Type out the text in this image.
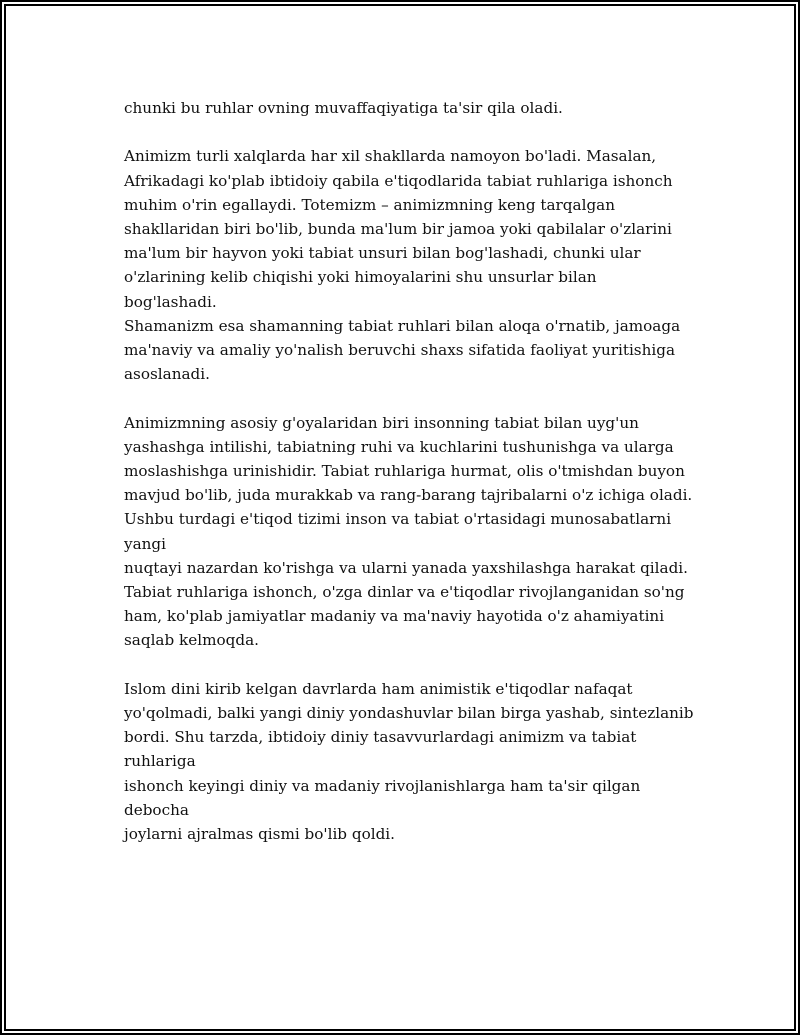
chunki bu ruhlar ovning muvaffaqiyatiga ta'sir qila oladi.

Animizm turli xalqlarda har xil shakllarda namoyon bo'ladi. Masalan,
Afrikadagi ko'plab ibtidoiy qabila e'tiqodlarida tabiat ruhlariga ishonch
muhim o'rin egallaydi. Totemizm – animizmning keng tarqalgan
shakllaridan biri bo'lib, bunda ma'lum bir jamoa yoki qabilalar o'zlarini
ma'lum bir hayvon yoki tabiat unsuri bilan bog'lashadi, chunki ular
o'zlarining kelib chiqishi yoki himoyalarini shu unsurlar bilan bog'lashadi.
Shamanizm esa shamanning tabiat ruhlari bilan aloqa o'rnatib, jamoaga
ma'naviy va amaliy yo'nalish beruvchi shaxs sifatida faoliyat yuritishiga
asoslanadi.

Animizmning asosiy g'oyalaridan biri insonning tabiat bilan uyg'un
yashashga intilishi, tabiatning ruhi va kuchlarini tushunishga va ularga
moslashishga urinishidir. Tabiat ruhlariga hurmat, olis o'tmishdan buyon
mavjud bo'lib, juda murakkab va rang-barang tajribalarni o'z ichiga oladi.
Ushbu turdagi e'tiqod tizimi inson va tabiat o'rtasidagi munosabatlarni yangi
nuqtayi nazardan ko'rishga va ularni yanada yaxshilashga harakat qiladi.
Tabiat ruhlariga ishonch, o'zga dinlar va e'tiqodlar rivojlanganidan so'ng
ham, ko'plab jamiyatlar madaniy va ma'naviy hayotida o'z ahamiyatini
saqlab kelmoqda.

Islom dini kirib kelgan davrlarda ham animistik e'tiqodlar nafaqat
yo'qolmadi, balki yangi diniy yondashuvlar bilan birga yashab, sintezlanib
bordi. Shu tarzda, ibtidoiy diniy tasavvurlardagi animizm va tabiat ruhlariga
ishonch keyingi diniy va madaniy rivojlanishlarga ham ta'sir qilgan debocha
joylarni ajralmas qismi bo'lib qoldi.
